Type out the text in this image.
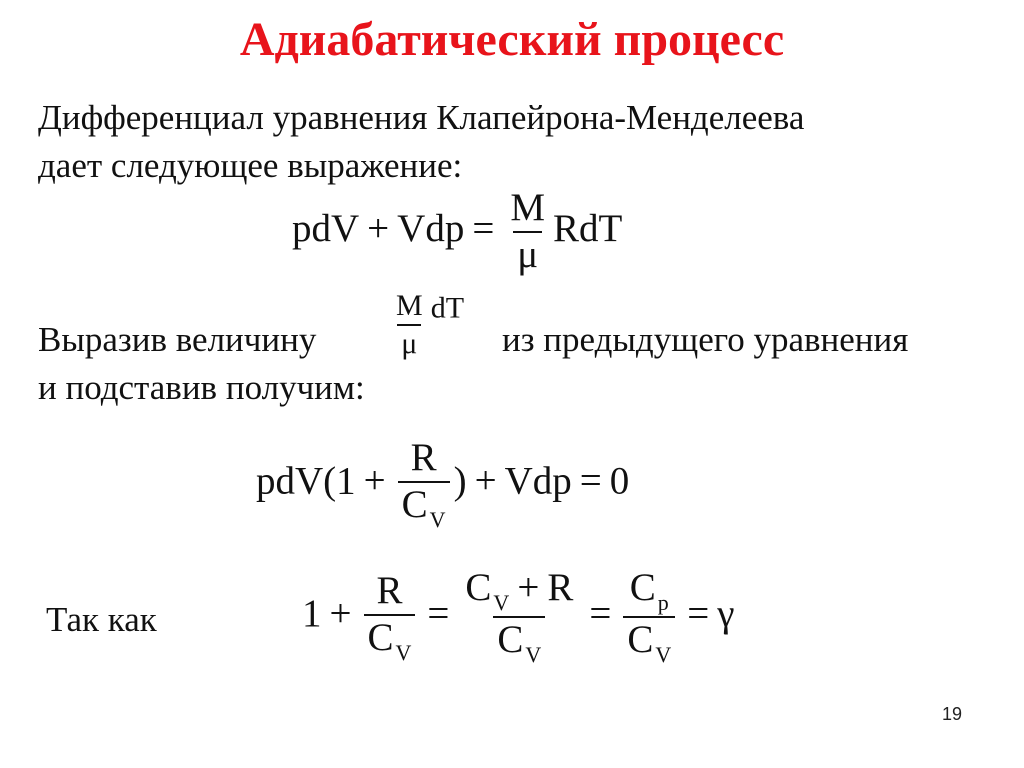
Адиабатический процесс
Дифференциал уравнения Клапейрона-Менделеева
дает следующее выражение:
pdV + Vdp = $\frac{M}{\mu}$ RdT
Выразив величину	$\frac{M}{\mu}$ dT
из предыдущего уравнения
и подставив получим:
$pdV(1 + \frac{R}{C_V}$ ) + Vdp = 0
Так как	$1 + \frac{R}{C_V} = \frac{C_V + R}{C_V} = \frac{C_p}{C_V} = \gamma$
19
